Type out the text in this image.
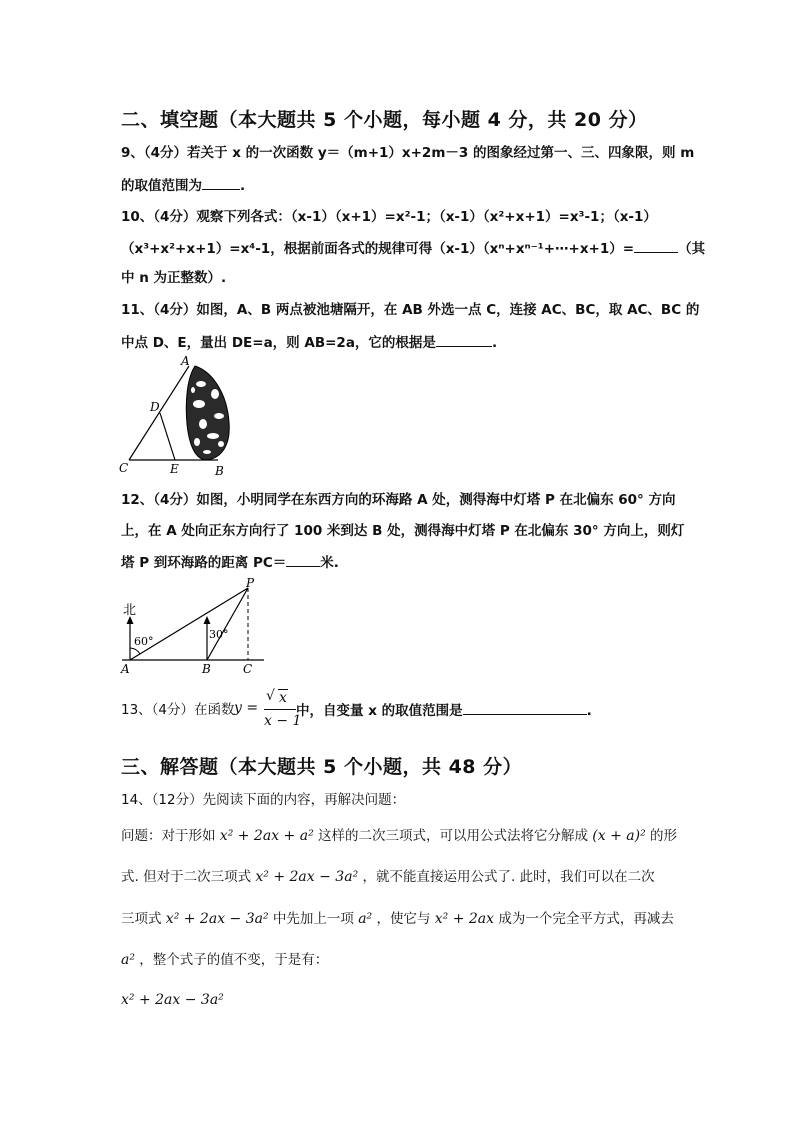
二、填空题（本大题共 5 个小题，每小题 4 分，共 20 分）
9、（4分）若关于 x 的一次函数 y＝（m+1）x+2m－3 的图象经过第一、三、四象限，则 m
的取值范围为	.
10、（4分）观察下列各式：（x-1）（x+1）=x²-1；（x-1）（x²+x+1）=x³-1；（x-1）
（x³+x²+x+1）=x⁴-1，根据前面各式的规律可得（x-1）（xⁿ+xⁿ⁻¹+⋯+x+1）=	（其
中 n 为正整数）.
11、（4分）如图，A、B 两点被池塘隔开，在 AB 外选一点 C，连接 AC、BC，取 AC、BC 的
中点 D、E，量出 DE=a，则 AB=2a，它的根据是	.
A
D
C	E	B
12、（4分）如图，小明同学在东西方向的环海路 A 处，测得海中灯塔 P 在北偏东 60° 方向
上，在 A 处向正东方向行了 100 米到达 B 处，测得海中灯塔 P 在北偏东 30° 方向上，则灯
塔 P 到环海路的距离 PC＝	米.
北
60°
30°
P
A	B	C
13、（4分）在函数 y =
√ x
x − 1
中，自变量 x 的取值范围是	.
三、解答题（本大题共 5 个小题，共 48 分）
14、（12分）先阅读下面的内容，再解决问题：
问题：对于形如 x² + 2ax + a² 这样的二次三项式，可以用公式法将它分解成 (x + a)² 的形
式. 但对于二次三项式 x² + 2ax − 3a² ，就不能直接运用公式了. 此时，我们可以在二次
三项式 x² + 2ax − 3a² 中先加上一项 a² ，使它与 x² + 2ax 成为一个完全平方式，再减去
a² ，整个式子的值不变，于是有：
x² + 2ax − 3a²
